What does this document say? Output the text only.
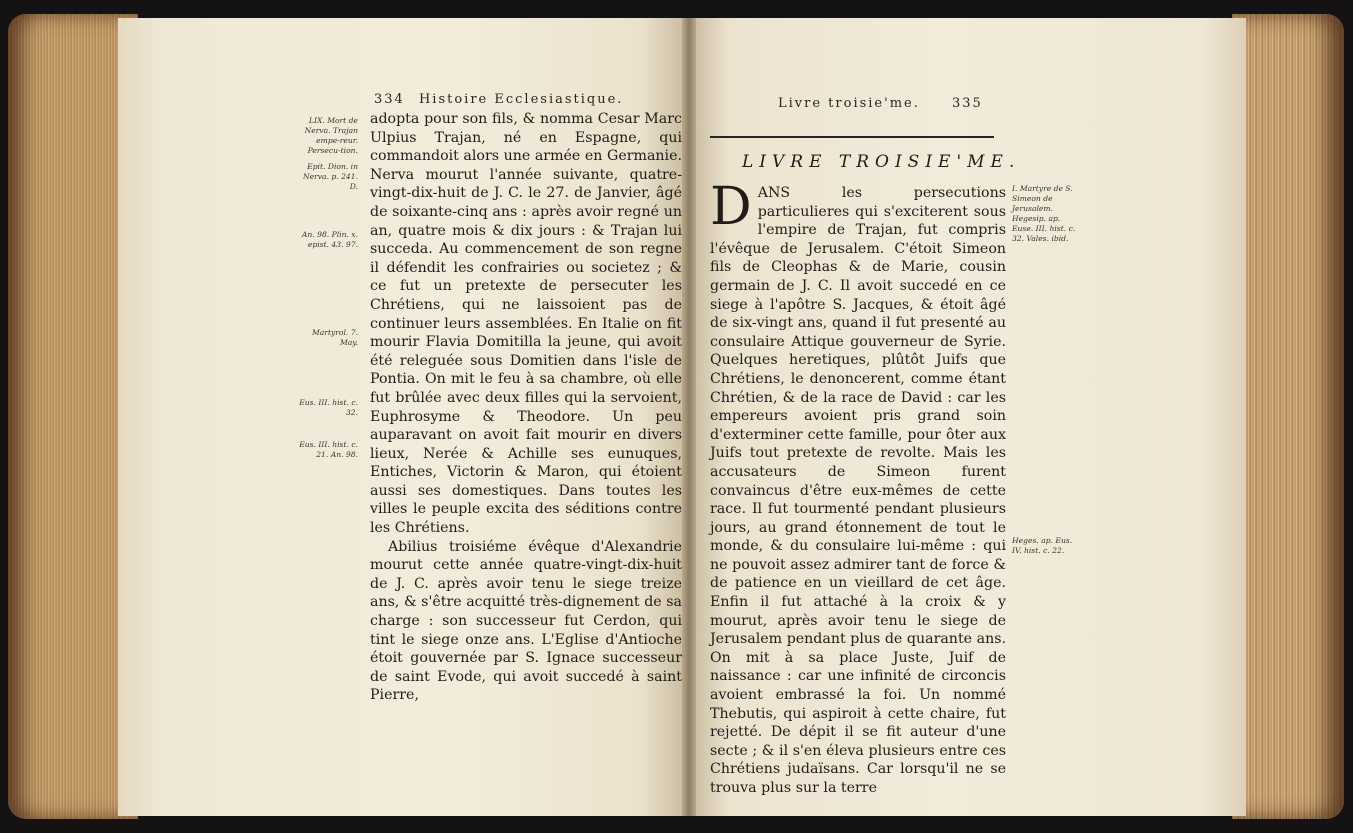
334 Histoire Ecclesiastique.
LIX. Mort de Nerva. Trajan empe-reur. Persecu-tion.
Epit. Dion. in Nerva. p. 241. D.
An. 98. Plin. x. epist. 43. 97.
Martyrol. 7. May.
Eus. III. hist. c. 32.
Eus. III. hist. c. 21. An. 98.

adopta pour son fils, & nomma Cesar Marc Ulpius Trajan, né en Espagne, qui commandoit alors une armée en Germanie. Nerva mourut l'année suivante, quatre-vingt-dix-huit de J. C. le 27. de Janvier, âgé de soixante-cinq ans : après avoir regné un an, quatre mois & dix jours : & Trajan lui succeda. Au commencement de son regne il défendit les confrairies ou societez ; & ce fut un pretexte de persecuter les Chrétiens, qui ne laissoient pas de continuer leurs assemblées. En Italie on fit mourir Flavia Domitilla la jeune, qui avoit été releguée sous Domitien dans l'isle de Pontia. On mit le feu à sa chambre, où elle fut brûlée avec deux filles qui la servoient, Euphrosyme & Theodore. Un peu auparavant on avoit fait mourir en divers lieux, Nerée & Achille ses eunuques, Entiches, Victorin & Maron, qui étoient aussi ses domestiques. Dans toutes les villes le peuple excita des séditions contre les Chrétiens.

Abilius troisiéme évêque d'Alexandrie mourut cette année quatre-vingt-dix-huit de J. C. après avoir tenu le siege treize ans, & s'être acquitté très-dignement de sa charge : son successeur fut Cerdon, qui tint le siege onze ans. L'Eglise d'Antioche étoit gouvernée par S. Ignace successeur de saint Evode, qui avoit succedé à saint Pierre,

Livre troisie'me. 335
LIVRE TROISIE'ME.
I. Martyre de S. Simeon de Jerusalem. Hegesip. ap. Euse. III. hist. c. 32. Vales. ibid.
Heges. ap. Eus. IV. hist. c. 22.

DANS les persecutions particulieres qui s'exciterent sous l'empire de Trajan, fut compris l'évêque de Jerusalem. C'étoit Simeon fils de Cleophas & de Marie, cousin germain de J. C. Il avoit succedé en ce siege à l'apôtre S. Jacques, & étoit âgé de six-vingt ans, quand il fut presenté au consulaire Attique gouverneur de Syrie. Quelques heretiques, plûtôt Juifs que Chrétiens, le denoncerent, comme étant Chrétien, & de la race de David : car les empereurs avoient pris grand soin d'exterminer cette famille, pour ôter aux Juifs tout pretexte de revolte. Mais les accusateurs de Simeon furent convaincus d'être eux-mêmes de cette race. Il fut tourmenté pendant plusieurs jours, au grand étonnement de tout le monde, & du consulaire lui-même : qui ne pouvoit assez admirer tant de force & de patience en un vieillard de cet âge. Enfin il fut attaché à la croix & y mourut, après avoir tenu le siege de Jerusalem pendant plus de quarante ans. On mit à sa place Juste, Juif de naissance : car une infinité de circoncis avoient embrassé la foi. Un nommé Thebutis, qui aspiroit à cette chaire, fut rejetté. De dépit il se fit auteur d'une secte ; & il s'en éleva plusieurs entre ces Chrétiens judaïsans. Car lorsqu'il ne se trouva plus sur la terre
